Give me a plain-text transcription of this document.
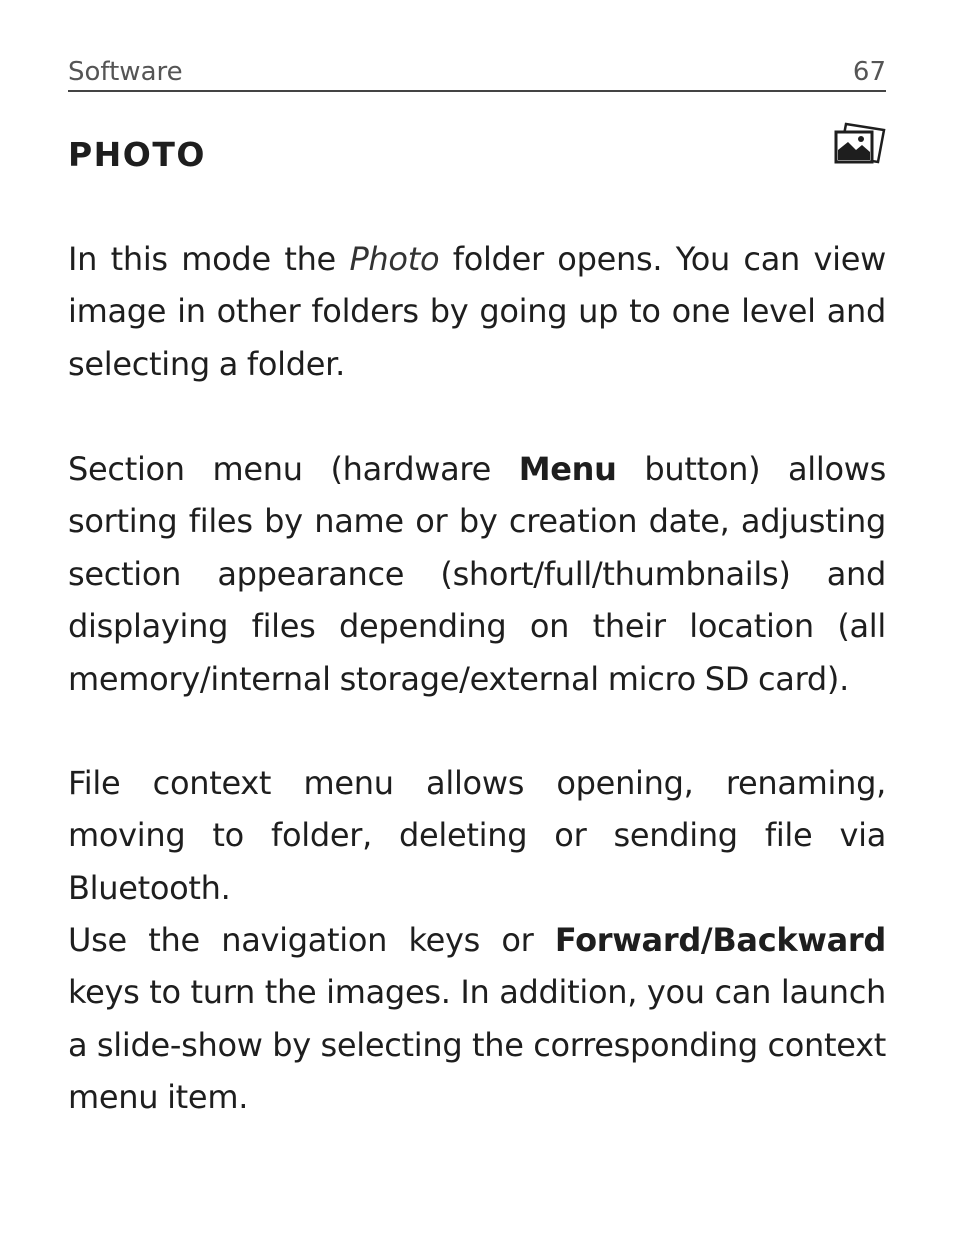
Software	67
PHOTO

In this mode the Photo folder opens. You can view image in other folders by going up to one level and selecting a folder.

Section menu (hardware Menu button) allows sorting files by name or by creation date, adjusting section appearance (short/full/thumbnails) and displaying files depending on their location (all memory/internal storage/external micro SD card).

File context menu allows opening, renaming, moving to folder, deleting or sending file via Bluetooth.

Use the navigation keys or Forward/Backward keys to turn the images. In addition, you can launch a slide-show by selecting the corresponding context menu item.
